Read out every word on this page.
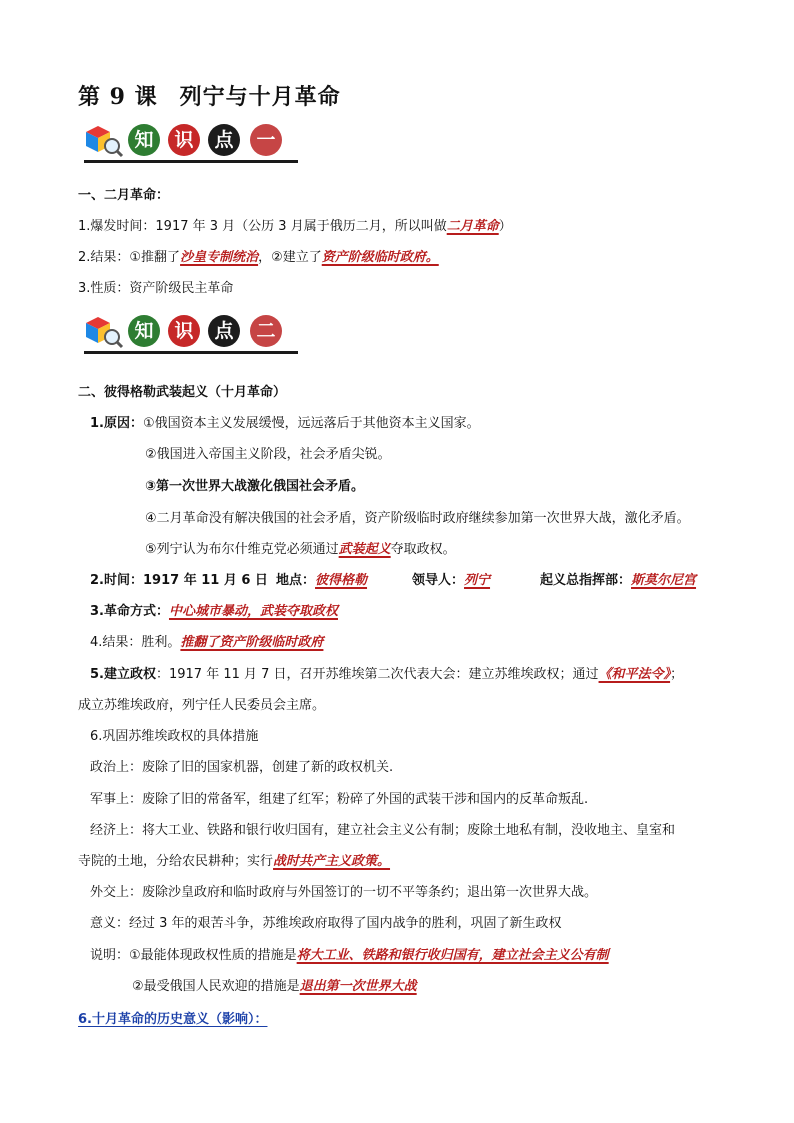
第 9 课 列宁与十月革命
知	识	点	一
一、二月革命：
1.爆发时间：1917 年 3 月（公历 3 月属于俄历二月，所以叫做二月革命）
2.结果：①推翻了沙皇专制统治，②建立了资产阶级临时政府。
3.性质：资产阶级民主革命
知	识	点	二
二、彼得格勒武装起义（十月革命）
1.原因：①俄国资本主义发展缓慢，远远落后于其他资本主义国家。
②俄国进入帝国主义阶段，社会矛盾尖锐。
③第一次世界大战激化俄国社会矛盾。
④二月革命没有解决俄国的社会矛盾，资产阶级临时政府继续参加第一次世界大战，激化矛盾。
⑤列宁认为布尔什维克党必须通过武装起义夺取政权。
2.时间：1917 年 11 月 6 日 地点：彼得格勒	领导人：列宁	起义总指挥部：斯莫尔尼宫
3.革命方式：中心城市暴动，武装夺取政权
4.结果：胜利。推翻了资产阶级临时政府
5.建立政权：1917 年 11 月 7 日，召开苏维埃第二次代表大会：建立苏维埃政权；通过《和平法令》；
成立苏维埃政府，列宁任人民委员会主席。
6.巩固苏维埃政权的具体措施
政治上：废除了旧的国家机器，创建了新的政权机关.
军事上：废除了旧的常备军，组建了红军；粉碎了外国的武装干涉和国内的反革命叛乱.
经济上：将大工业、铁路和银行收归国有，建立社会主义公有制；废除土地私有制，没收地主、皇室和
寺院的土地，分给农民耕种；实行战时共产主义政策。
外交上：废除沙皇政府和临时政府与外国签订的一切不平等条约；退出第一次世界大战。
意义：经过 3 年的艰苦斗争，苏维埃政府取得了国内战争的胜利，巩固了新生政权
说明：①最能体现政权性质的措施是将大工业、铁路和银行收归国有，建立社会主义公有制
②最受俄国人民欢迎的措施是退出第一次世界大战
6.十月革命的历史意义（影响）：
